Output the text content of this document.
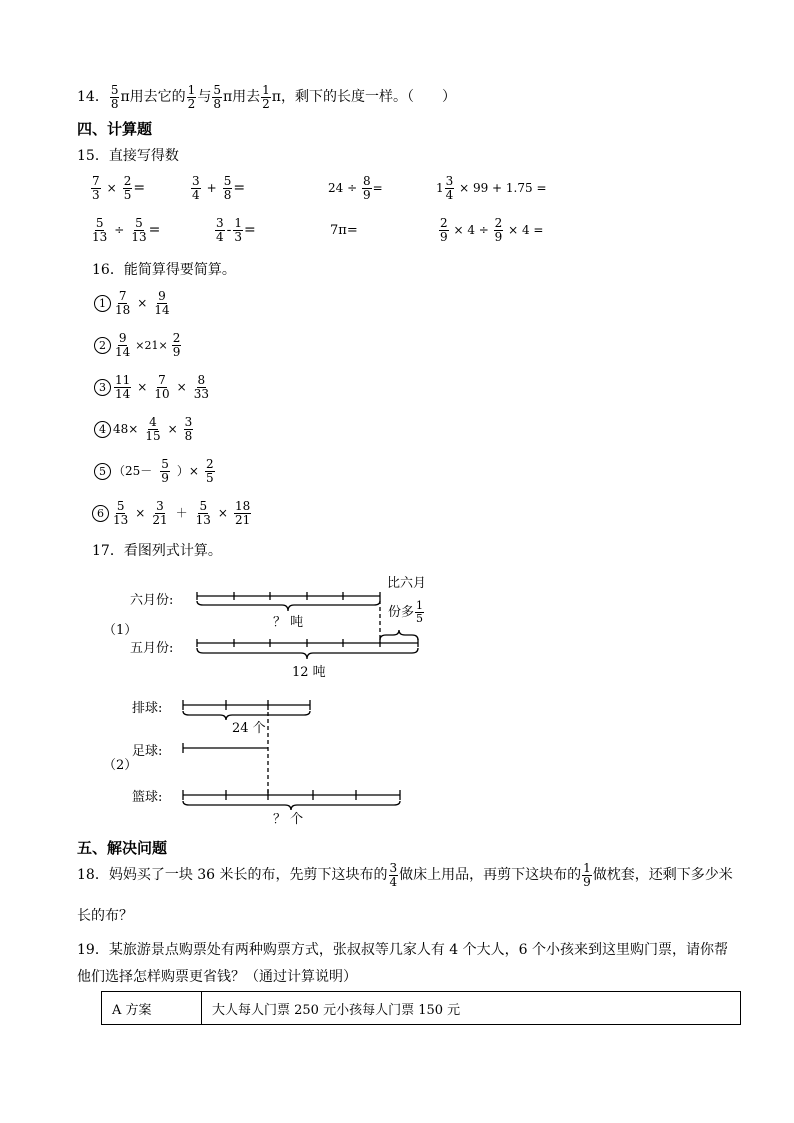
14． $\frac{5}{8}$ π 用去它的 $\frac{1}{2}$ 与 $\frac{5}{8}$ π 用去 $\frac{1}{2}$ π ，剩下的长度一样。（　　）
四、计算题
15．直接写得数
$\frac{7}{3} \times \frac{2}{5}$ =	$\frac{3}{4} + \frac{5}{8}$ =	$24 \div \frac{8}{9}$ =	$1 \frac{3}{4} \times 99 + 1.75$ =
$\frac{5}{13} \div \frac{5}{13}$ =	$\frac{3}{4} - \frac{1}{3}$ =	7π=	$\frac{2}{9} \times 4 \div \frac{2}{9} \times 4$ =
16．能简算得要简算。
$1 \frac{7}{18} \times \frac{9}{14}$
$2 \frac{9}{14} \times 21\times \frac{2}{9}$
$3 \frac{11}{14} \times \frac{7}{10} \times \frac{8}{33}$
4 $48\times \frac{4}{15} \times \frac{3}{8}$
5 （$25- \frac{5}{9}$ ）× $\frac{2}{5}$
$6 \frac{5}{13} \times \frac{3}{21} + \frac{5}{13} \times \frac{18}{21}$
17．看图列式计算。
六月份:
（1）
五月份:
？ 吨
12 吨
比六月
份多 $\frac{1}{5}$
排球:
24 个
足球:
（2）
篮球:
？ 个
五、解决问题
18．妈妈买了一块 36 米长的布，先剪下这块布的 $\frac{3}{4}$ 做床上用品，再剪下这块布的 $\frac{1}{9}$ 做枕套，还剩下多少米
长的布？
19．某旅游景点购票处有两种购票方式，张叔叔等几家人有 4 个大人，6 个小孩来到这里购门票，请你帮
他们选择怎样购票更省钱？（通过计算说明）
A 方案	大人每人门票 250 元小孩每人门票 150 元
